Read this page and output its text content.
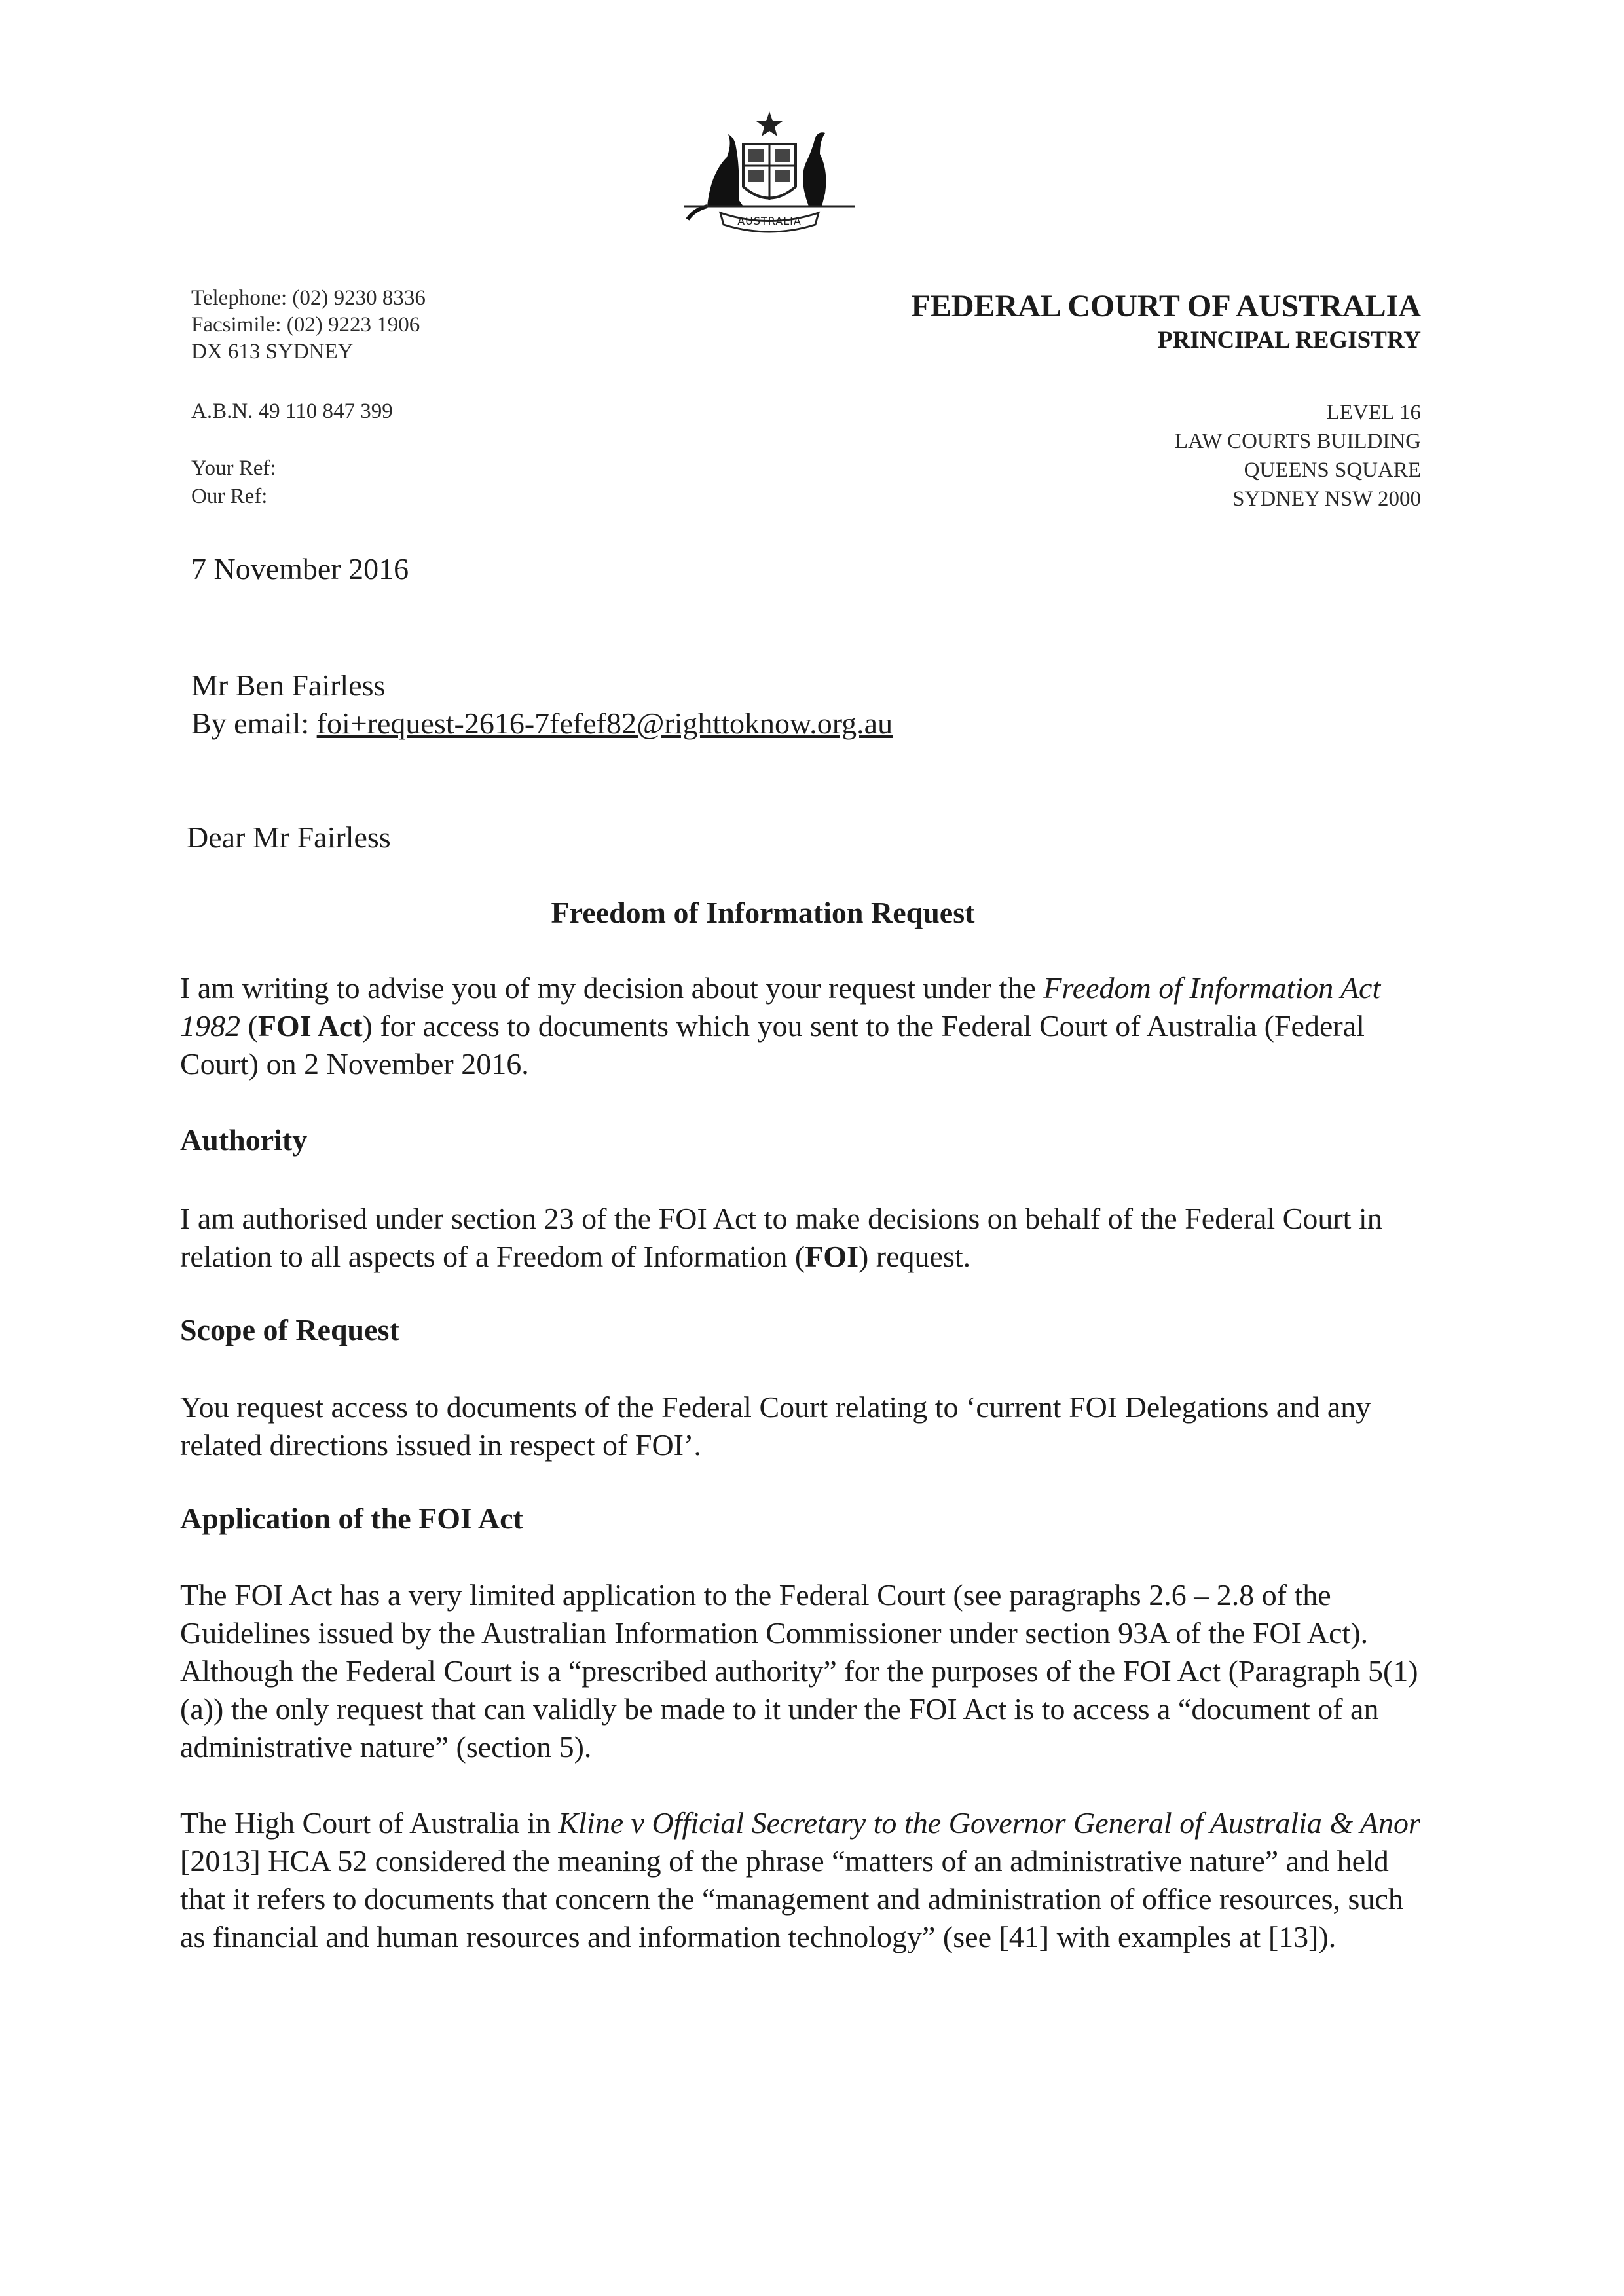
AUSTRALIA
Telephone: (02) 9230 8336
Facsimile: (02) 9223 1906
DX 613 SYDNEY
A.B.N. 49 110 847 399
Your Ref:
Our Ref:
FEDERAL COURT OF AUSTRALIA
PRINCIPAL REGISTRY
LEVEL 16
LAW COURTS BUILDING
QUEENS SQUARE
SYDNEY NSW 2000
7 November 2016
Mr Ben Fairless
By email: foi+request-2616-7fefef82@righttoknow.org.au
Dear Mr Fairless
Freedom of Information Request

I am writing to advise you of my decision about your request under the Freedom of Information Act 1982 (FOI Act) for access to documents which you sent to the Federal Court of Australia (Federal Court) on 2 November 2016.

Authority

I am authorised under section 23 of the FOI Act to make decisions on behalf of the Federal Court in relation to all aspects of a Freedom of Information (FOI) request.

Scope of Request

You request access to documents of the Federal Court relating to ‘current FOI Delegations and any related directions issued in respect of FOI’.

Application of the FOI Act

The FOI Act has a very limited application to the Federal Court (see paragraphs 2.6 – 2.8 of the Guidelines issued by the Australian Information Commissioner under section 93A of the FOI Act). Although the Federal Court is a “prescribed authority” for the purposes of the FOI Act (Paragraph 5(1)(a)) the only request that can validly be made to it under the FOI Act is to access a “document of an administrative nature” (section 5).

The High Court of Australia in Kline v Official Secretary to the Governor General of Australia & Anor [2013] HCA 52 considered the meaning of the phrase “matters of an administrative nature” and held that it refers to documents that concern the “management and administration of office resources, such as financial and human resources and information technology” (see [41] with examples at [13]).
